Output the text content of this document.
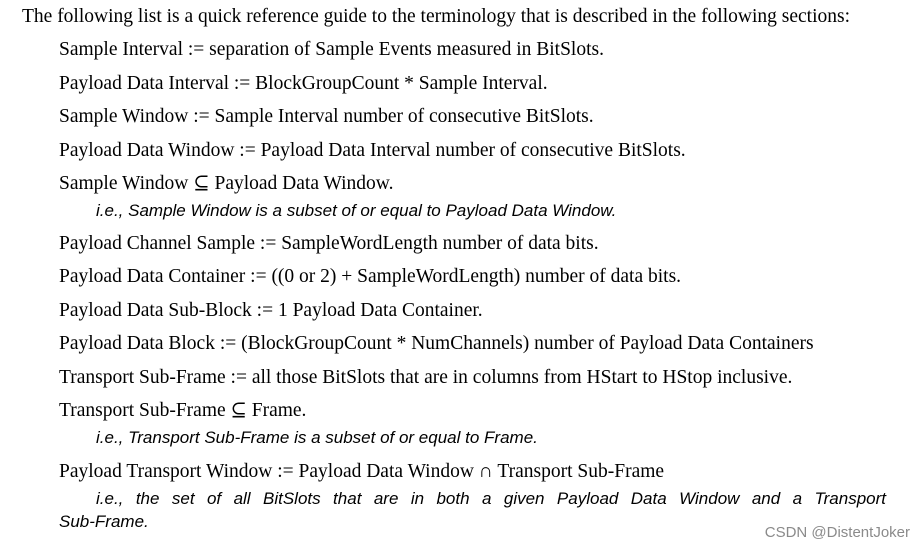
The following list is a quick reference guide to the terminology that is described in the following sections:
Sample Interval := separation of Sample Events measured in BitSlots.
Payload Data Interval := BlockGroupCount * Sample Interval.
Sample Window := Sample Interval number of consecutive BitSlots.
Payload Data Window := Payload Data Interval number of consecutive BitSlots.
Sample Window ⊆ Payload Data Window.
i.e., Sample Window is a subset of or equal to Payload Data Window.
Payload Channel Sample := SampleWordLength number of data bits.
Payload Data Container := ((0 or 2) + SampleWordLength) number of data bits.
Payload Data Sub-Block := 1 Payload Data Container.
Payload Data Block := (BlockGroupCount * NumChannels) number of Payload Data Containers
Transport Sub-Frame := all those BitSlots that are in columns from HStart to HStop inclusive.
Transport Sub-Frame ⊆ Frame.
i.e., Transport Sub-Frame is a subset of or equal to Frame.
Payload Transport Window := Payload Data Window ∩ Transport Sub-Frame
i.e., the set of all BitSlots that are in both a given Payload Data Window and a Transport
Sub-Frame.
CSDN @DistentJoker
